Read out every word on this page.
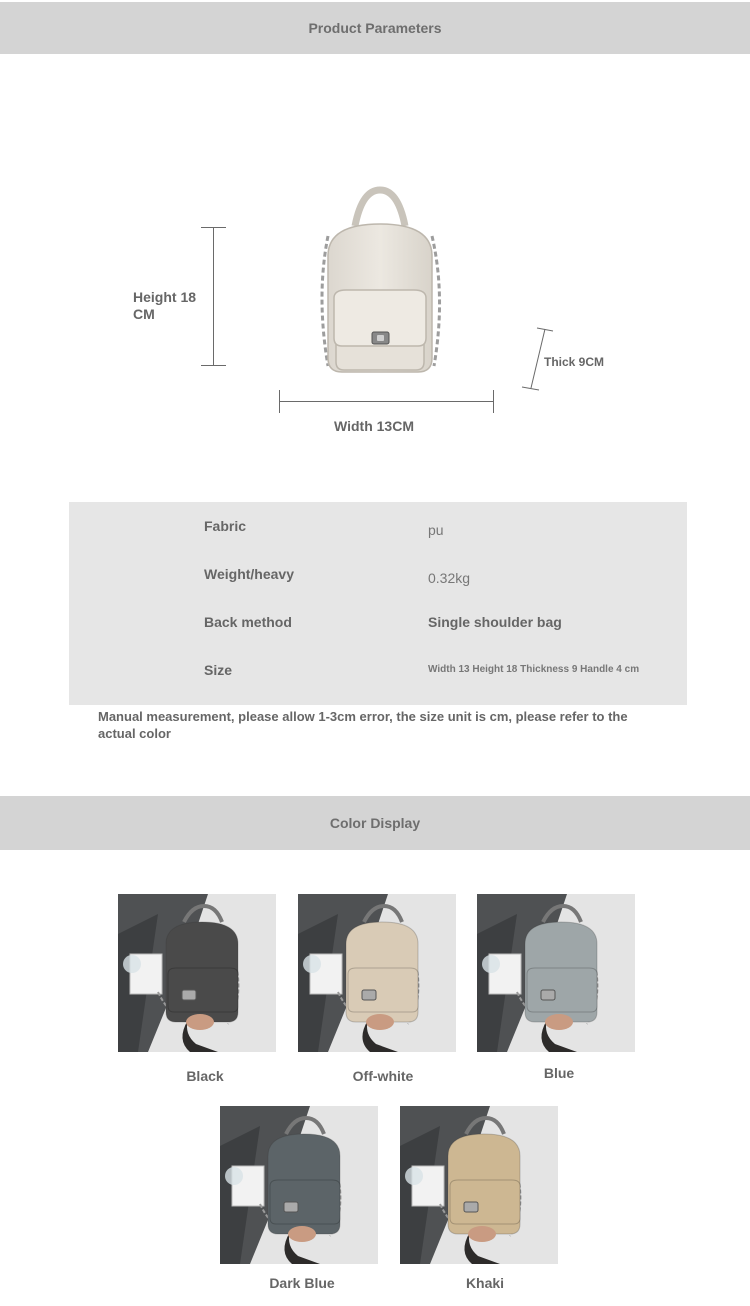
Product Parameters
Height 18 CM
Width 13CM
Thick 9CM
Fabric	pu
Weight/heavy	0.32kg
Back method	Single shoulder bag
Size	Width 13 Height 18 Thickness 9 Handle 4 cm
Manual measurement, please allow 1-3cm error, the size unit is cm, please refer to the actual color
Color Display
Black	Off-white	Blue
Dark Blue	Khaki
